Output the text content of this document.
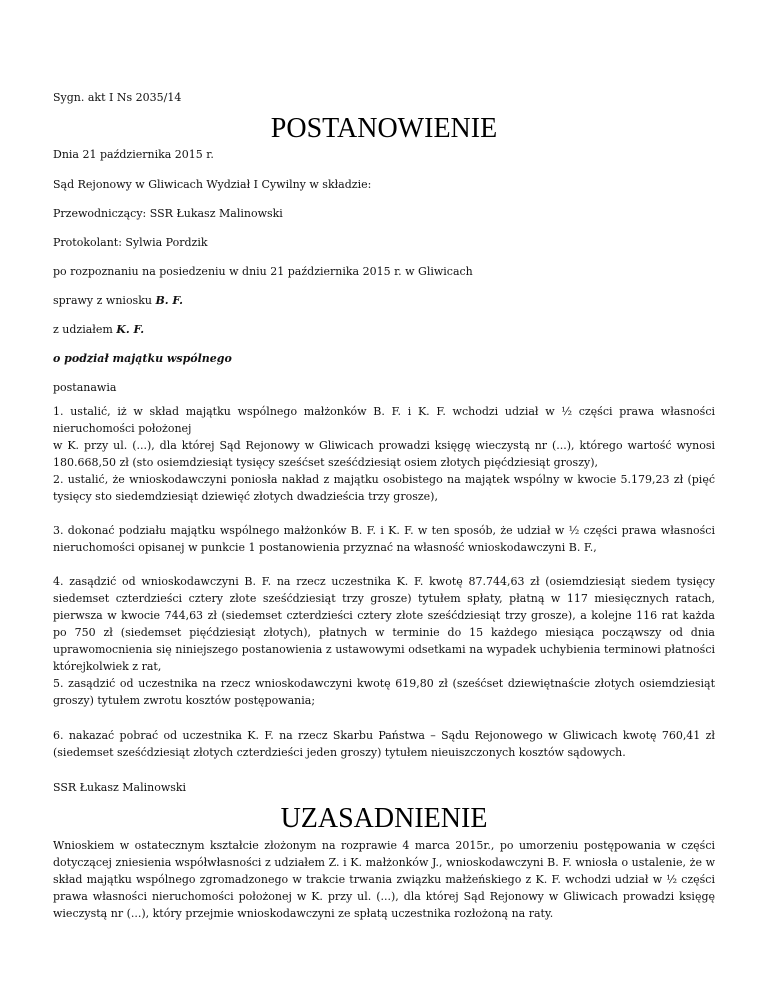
Sygn. akt I Ns 2035/14
POSTANOWIENIE
Dnia 21 października 2015 r.
Sąd Rejonowy w Gliwicach Wydział I Cywilny w składzie:
Przewodniczący: SSR Łukasz Malinowski
Protokolant: Sylwia Pordzik
po rozpoznaniu na posiedzeniu w dniu 21 października 2015 r. w Gliwicach
sprawy z wniosku B. F.
z udziałem K. F.
o podział majątku wspólnego
postanawia
1. ustalić, iż w skład majątku wspólnego małżonków B. F. i K. F. wchodzi udział w ½ części prawa własności nieruchomości położonej
w K. przy ul. (...), dla której Sąd Rejonowy w Gliwicach prowadzi księgę wieczystą nr (...), którego wartość wynosi 180.668,50 zł (sto osiemdziesiąt tysięcy sześćset sześćdziesiąt osiem złotych pięćdziesiąt groszy),
2. ustalić, że wnioskodawczyni poniosła nakład z majątku osobistego na majątek wspólny w kwocie 5.179,23 zł (pięć tysięcy sto siedemdziesiąt dziewięć złotych dwadzieścia trzy grosze),
3. dokonać podziału majątku wspólnego małżonków B. F. i K. F. w ten sposób, że udział w ½ części prawa własności nieruchomości opisanej w punkcie 1 postanowienia przyznać na własność wnioskodawczyni B. F.,
4. zasądzić od wnioskodawczyni B. F. na rzecz uczestnika K. F. kwotę 87.744,63 zł (osiemdziesiąt siedem tysięcy siedemset czterdzieści cztery złote sześćdziesiąt trzy grosze) tytułem spłaty, płatną w 117 miesięcznych ratach, pierwsza w kwocie 744,63 zł (siedemset czterdzieści cztery złote sześćdziesiąt trzy grosze), a kolejne 116 rat każda po 750 zł (siedemset pięćdziesiąt złotych), płatnych w terminie do 15 każdego miesiąca począwszy od dnia uprawomocnienia się niniejszego postanowienia z ustawowymi odsetkami na wypadek uchybienia terminowi płatności którejkolwiek z rat,
5. zasądzić od uczestnika na rzecz wnioskodawczyni kwotę 619,80 zł (sześćset dziewiętnaście złotych osiemdziesiąt groszy) tytułem zwrotu kosztów postępowania;
6. nakazać pobrać od uczestnika K. F. na rzecz Skarbu Państwa – Sądu Rejonowego w Gliwicach kwotę 760,41 zł (siedemset sześćdziesiąt złotych czterdzieści jeden groszy) tytułem nieuiszczonych kosztów sądowych.
SSR Łukasz Malinowski
UZASADNIENIE
Wnioskiem w ostatecznym kształcie złożonym na rozprawie 4 marca 2015r., po umorzeniu postępowania w części dotyczącej zniesienia współwłasności z udziałem Z. i K. małżonków J., wnioskodawczyni B. F. wniosła o ustalenie, że w skład majątku wspólnego zgromadzonego w trakcie trwania związku małżeńskiego z K. F. wchodzi udział w ½ części prawa własności nieruchomości położonej w K. przy ul. (...), dla której Sąd Rejonowy w Gliwicach prowadzi księgę wieczystą nr (...), który przejmie wnioskodawczyni ze spłatą uczestnika rozłożoną na raty.
